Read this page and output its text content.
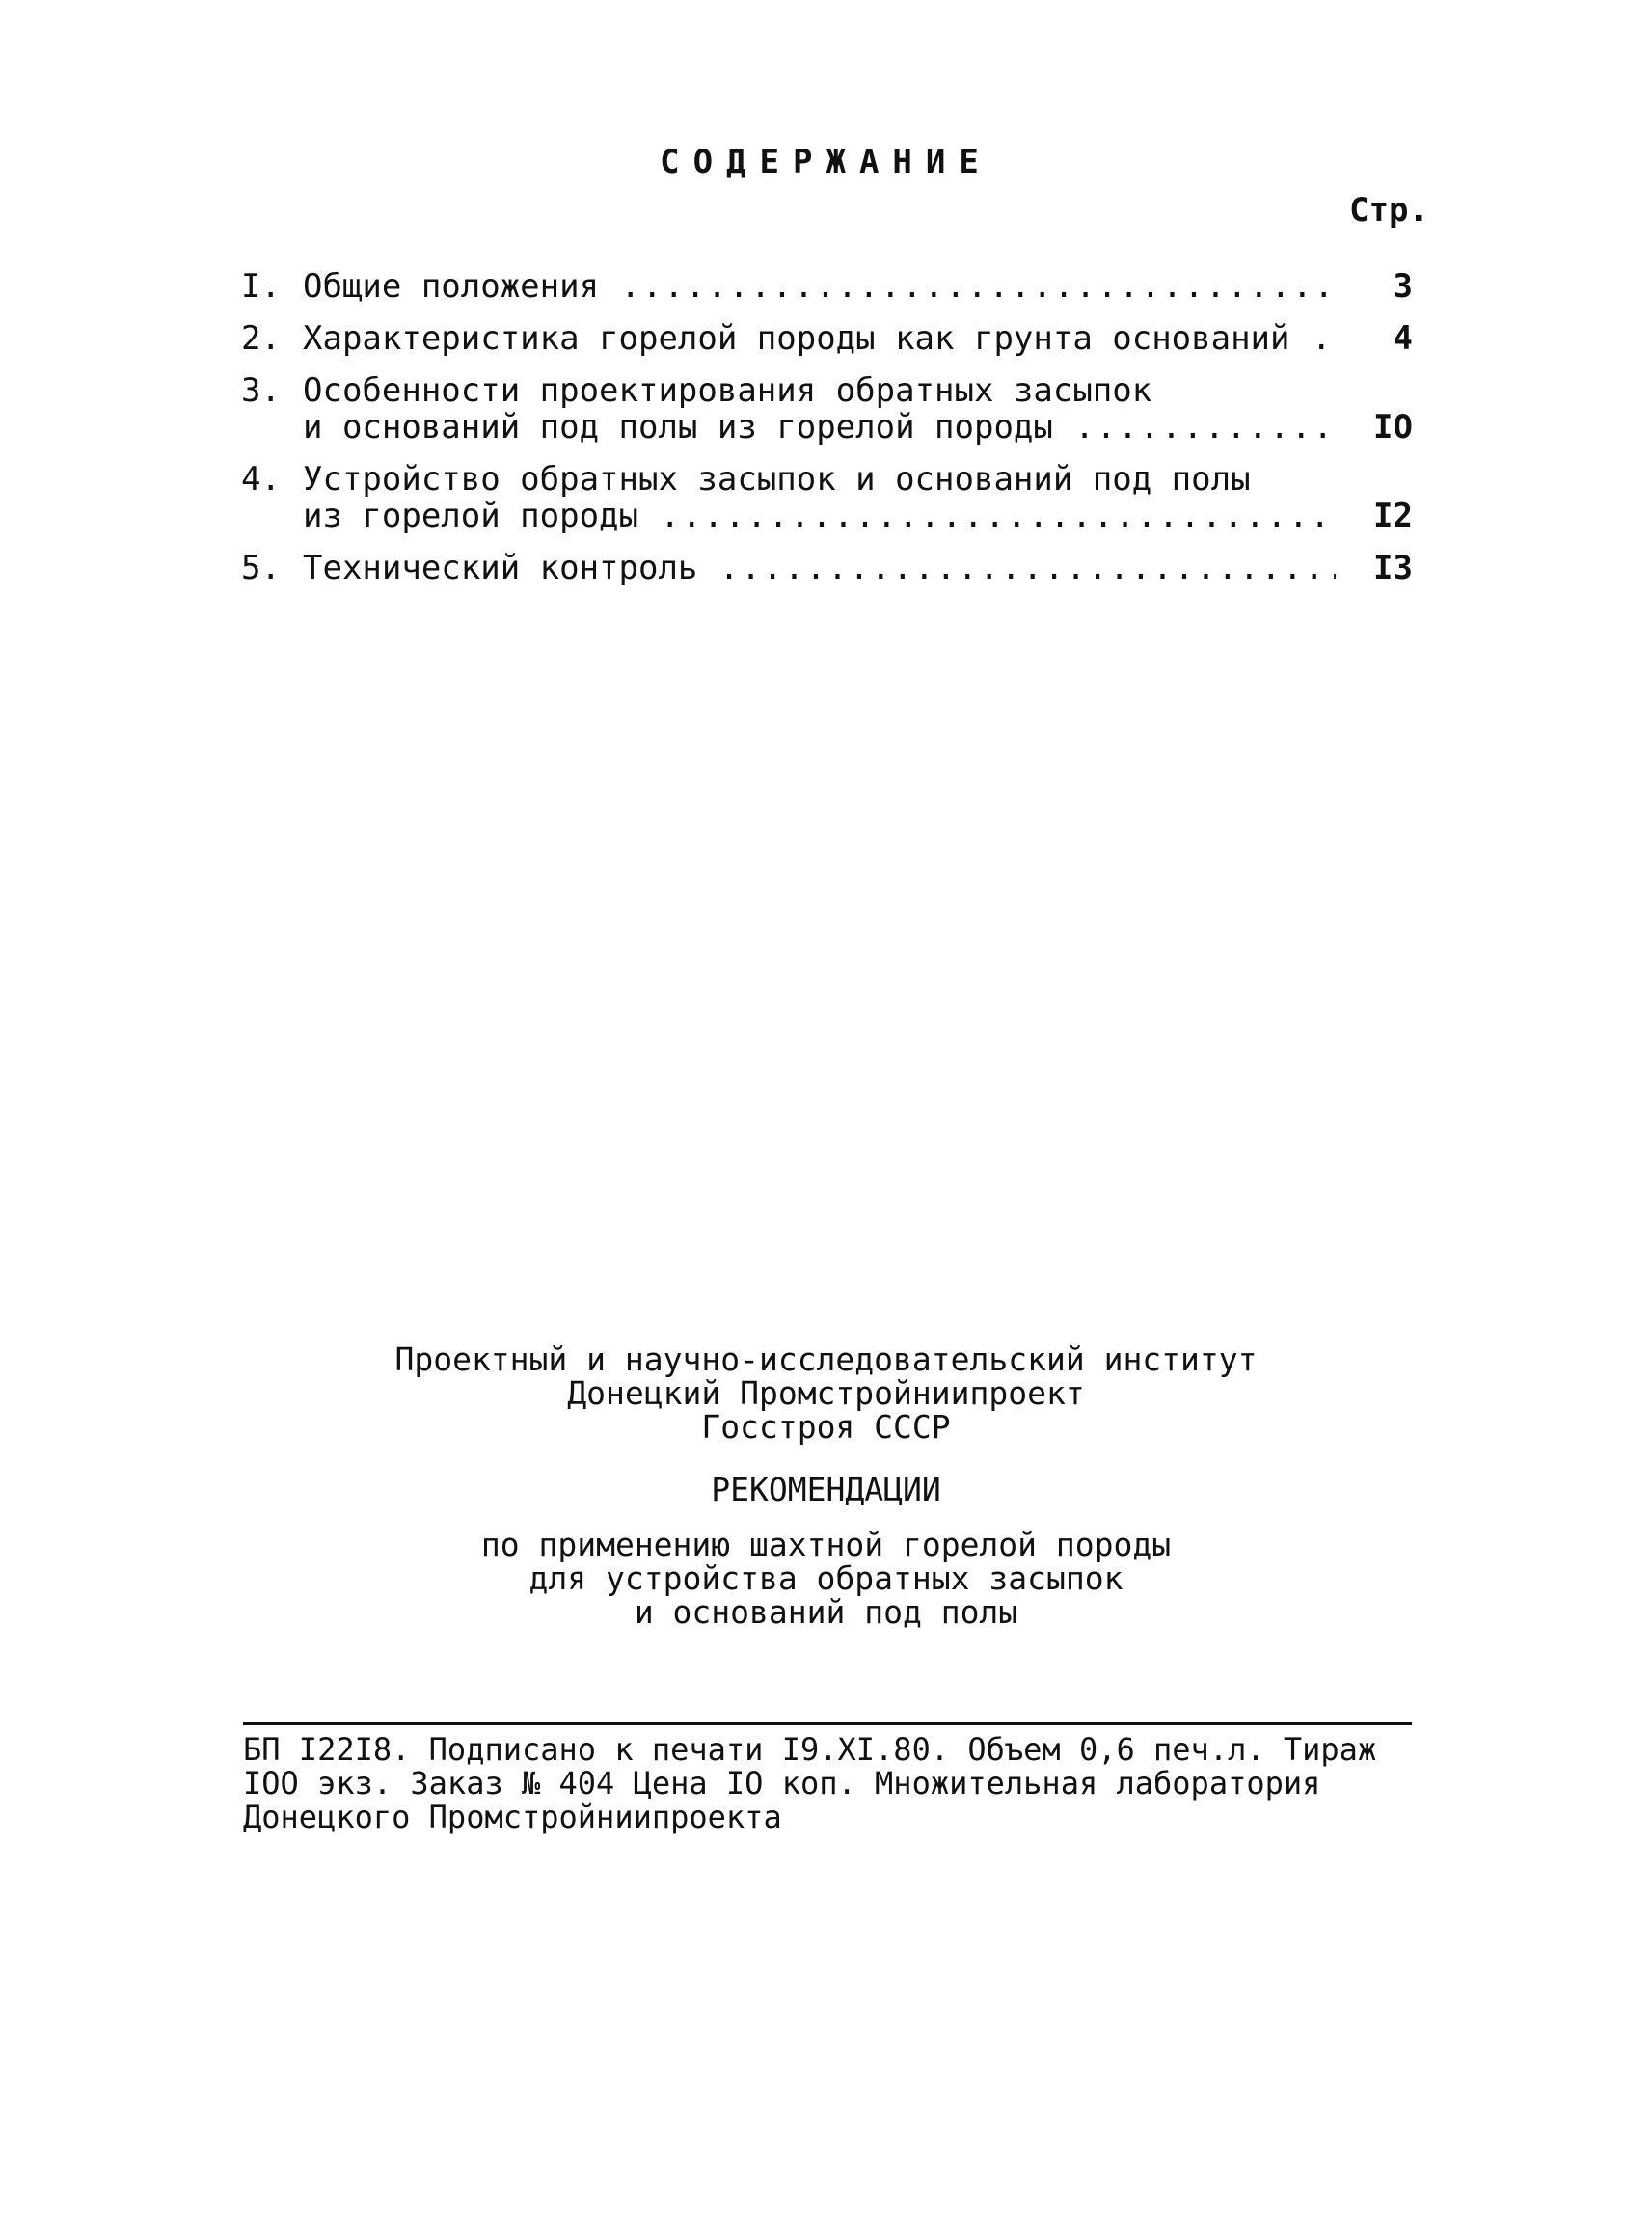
СОДЕРЖАНИЕ
Стр.
I. Общие положения .....	3
2. Характеристика горелой породы как грунта оснований .....	4
3. Особенности проектирования обратных засыпок
и оснований под полы из горелой породы .....	IO
4. Устройство обратных засыпок и оснований под полы
из горелой породы .....	I2
5. Технический контроль .....	I3
Проектный и научно-исследовательский институт
Донецкий Промстройниипроект
Госстроя СССР
РЕКОМЕНДАЦИИ
по применению шахтной горелой породы
для устройства обратных засыпок
и оснований под полы
БП I22I8. Подписано к печати I9.XI.80. Объем 0,6 печ.л. Тираж
IOO экз. Заказ № 404 Цена IO коп. Множительная лаборатория
Донецкого Промстройниипроекта
